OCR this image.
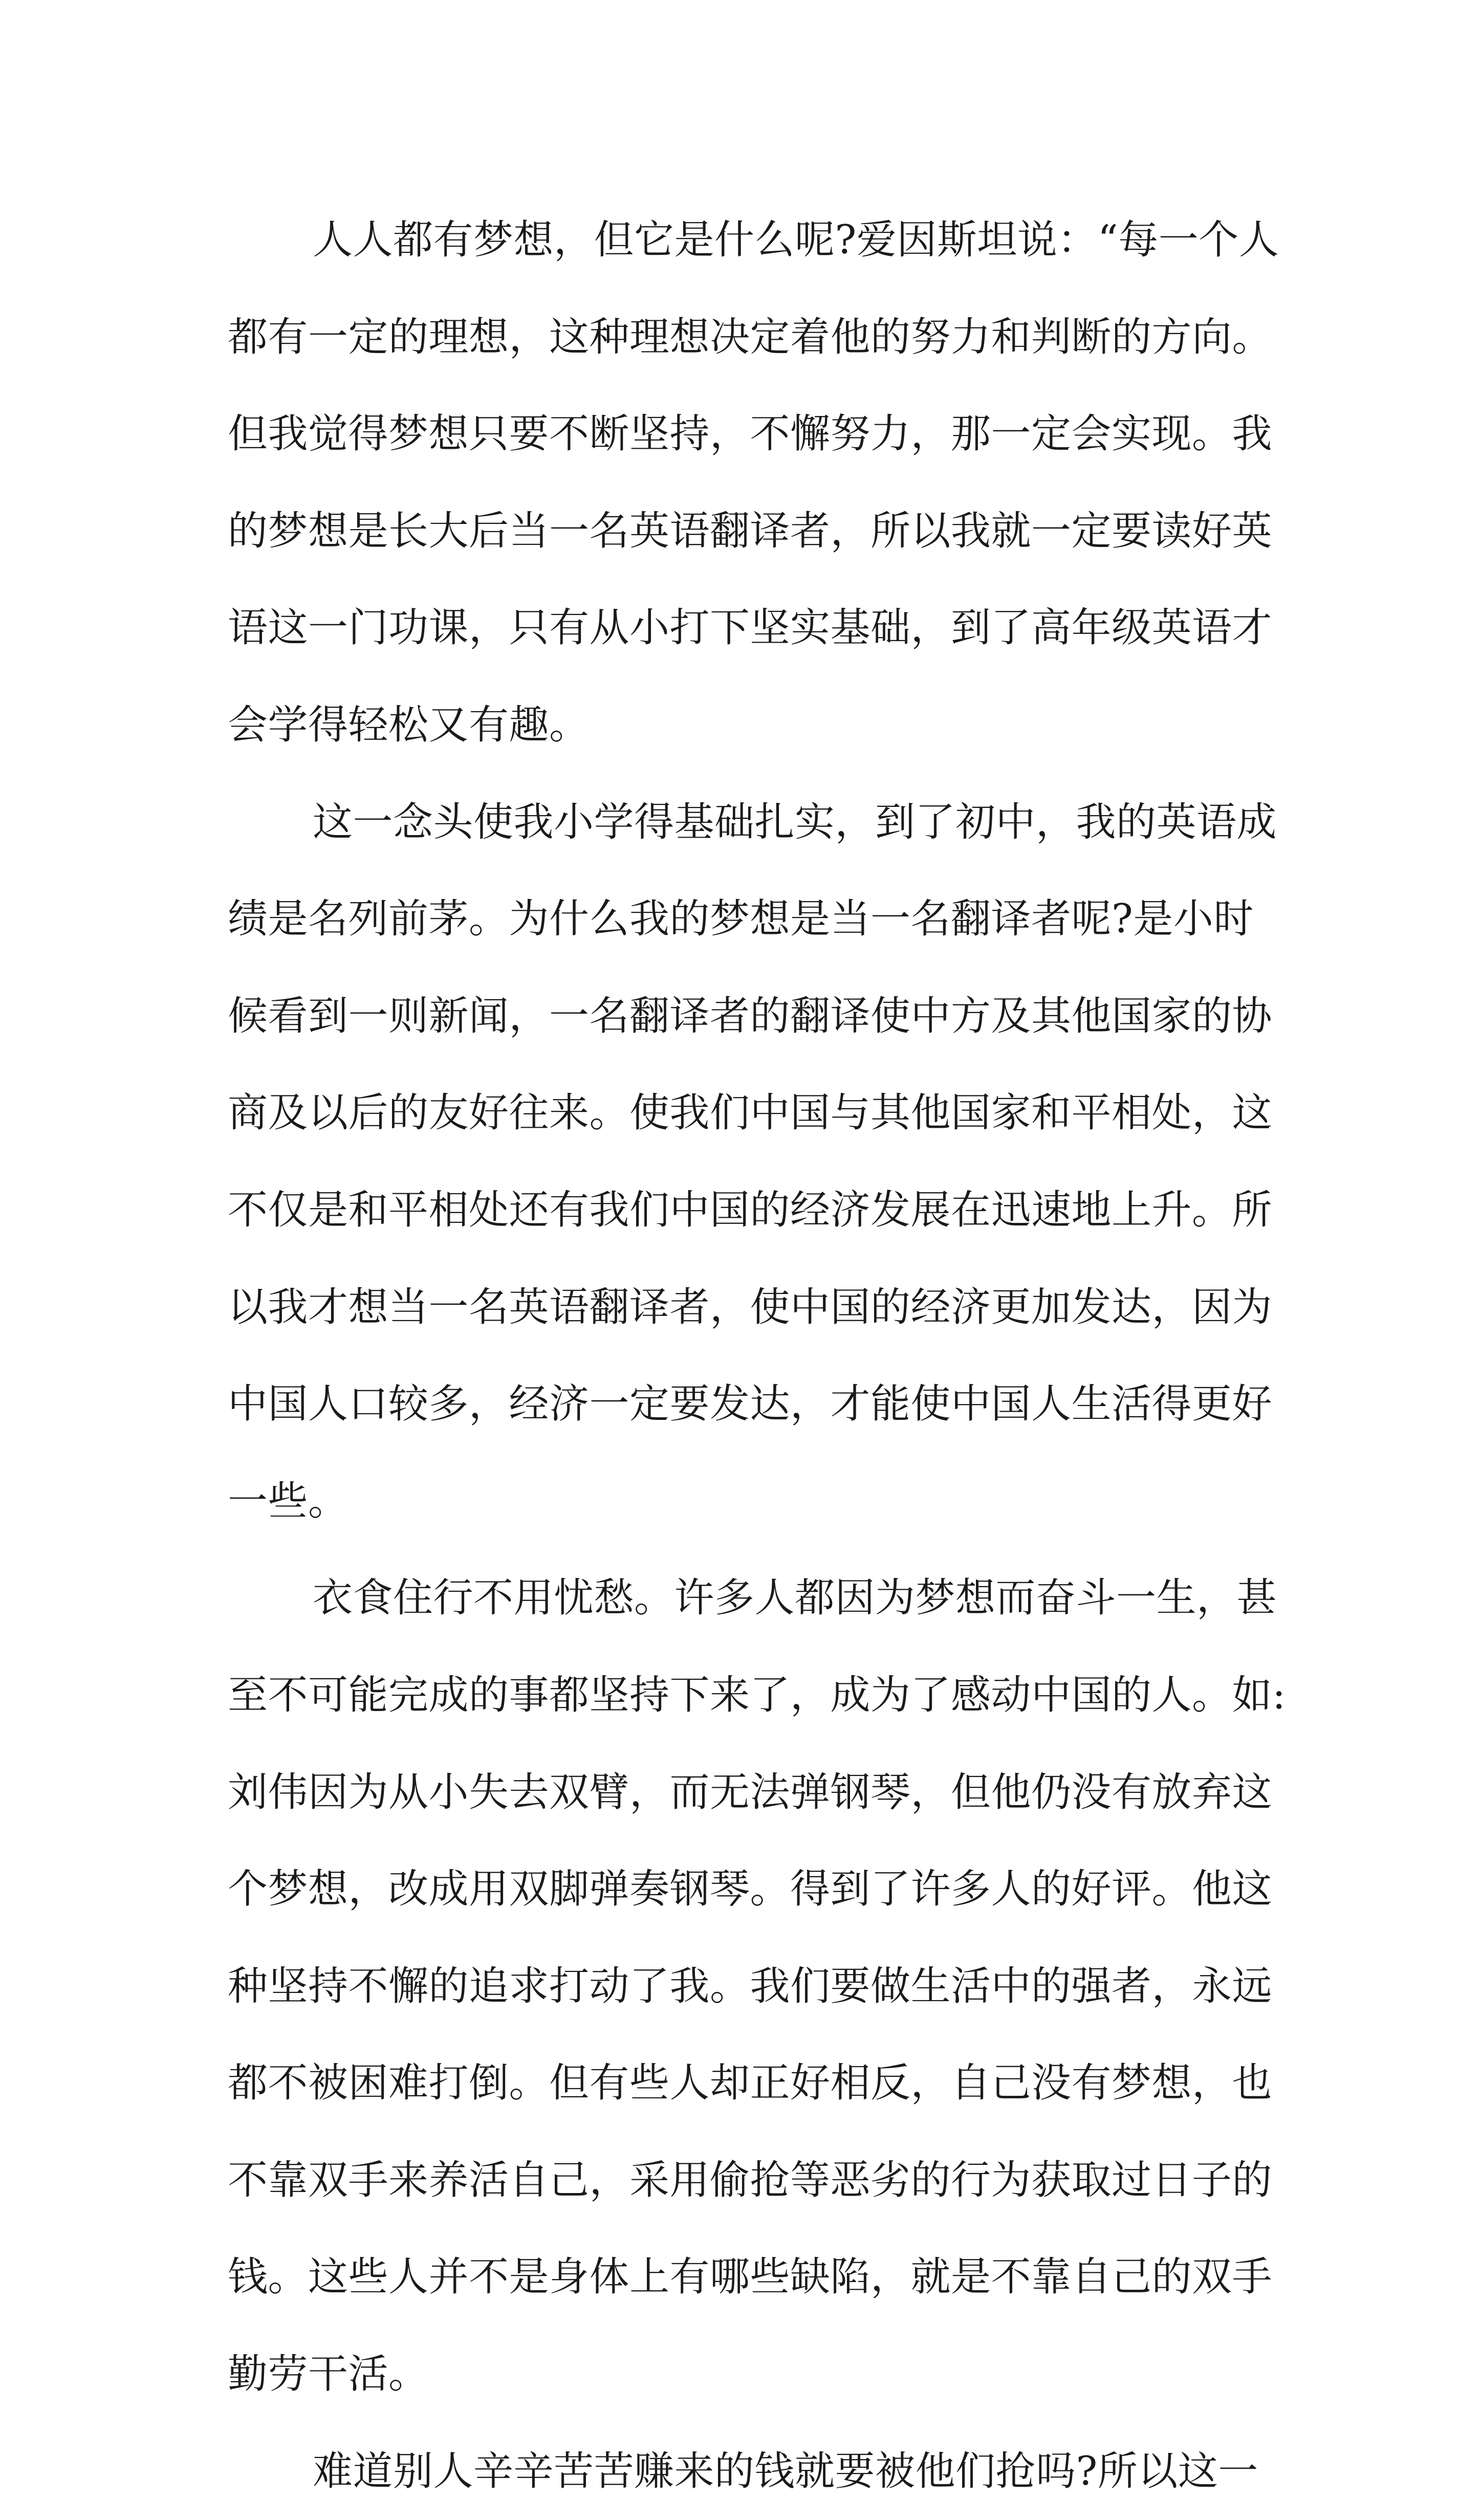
人人都有梦想，但它是什么呢?爱因斯坦说：“每一个人
都有一定的理想，这种理想决定着他的努力和判断的方向。
但我觉得梦想只要不断坚持，不懈努力，那一定会实现。我
的梦想是长大后当一名英语翻译者，所以我就一定要读好英
语这一门功课，只有从小打下坚实基础，到了高年级英语才
会学得轻松又有趣。

这一念头使我小学得基础扎实，到了初中，我的英语成
绩是名列前茅。为什么我的梦想是当一名翻译者呢?是小时
候看到一则新闻，一名翻译者的翻译使中方及其他国家的协
商及以后的友好往来。使我们中国与其他国家和平相处，这
不仅是和平相处还有我们中国的经济发展在迅速地上升。所
以我才想当一名英语翻译者，使中国的经济更加发达，因为
中国人口较多，经济一定要发达，才能使中国人生活得更好
一些。

衣食住行不用忧愁。许多人都因为梦想而奋斗一生，甚
至不可能完成的事都坚持下来了，成为了感动中国的人。如:
刘伟因为从小失去双臂，而无法弹钢琴，但他仍没有放弃这
个梦想，改成用双脚弹奏钢琴。得到了许多人的好评。他这
种坚持不懈的追求打动了我。我们要做生活中的强者，永远
都不被困难打倒。但有些人却正好相反，自己没有梦想，也
不靠双手来养活自己，采用偷抢等恶劣的行为获取过日子的
钱。这些人并不是身体上有哪些缺陷，就是不靠自己的双手
勤劳干活。

难道别人辛辛苦苦赚来的钱就要被他们抢吗?所以这一
